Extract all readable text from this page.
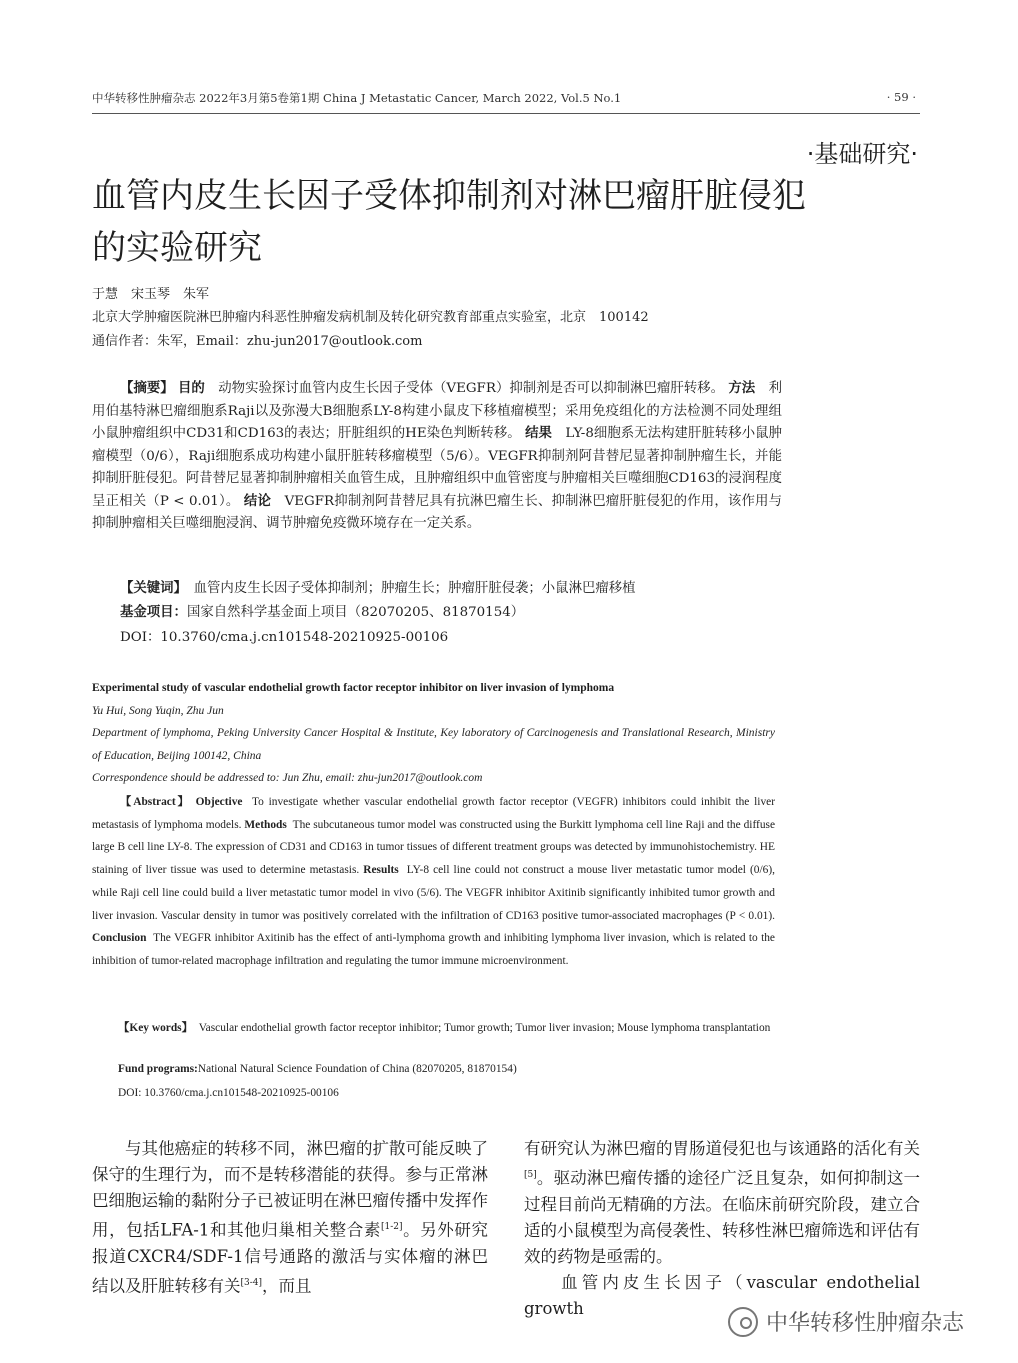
中华转移性肿瘤杂志 2022年3月第5卷第1期 China J Metastatic Cancer, March 2022, Vol.5 No.1	· 59 ·
·基础研究·
血管内皮生长因子受体抑制剂对淋巴瘤肝脏侵犯的实验研究
于慧　宋玉琴　朱军
北京大学肿瘤医院淋巴肿瘤内科恶性肿瘤发病机制及转化研究教育部重点实验室，北京　100142
通信作者：朱军，Email：zhu-jun2017@outlook.com
【摘要】 目的　 动物实验探讨血管内皮生长因子受体（VEGFR）抑制剂是否可以抑制淋巴瘤肝转移。 方法　 利用伯基特淋巴瘤细胞系Raji以及弥漫大B细胞系LY-8构建小鼠皮下移植瘤模型；采用免疫组化的方法检测不同处理组小鼠肿瘤组织中CD31和CD163的表达；肝脏组织的HE染色判断转移。 结果　 LY-8细胞系无法构建肝脏转移小鼠肿瘤模型（0/6），Raji细胞系成功构建小鼠肝脏转移瘤模型（5/6）。VEGFR抑制剂阿昔替尼显著抑制肿瘤生长，并能抑制肝脏侵犯。阿昔替尼显著抑制肿瘤相关血管生成，且肿瘤组织中血管密度与肿瘤相关巨噬细胞CD163的浸润程度呈正相关（P < 0.01）。 结论　 VEGFR抑制剂阿昔替尼具有抗淋巴瘤生长、抑制淋巴瘤肝脏侵犯的作用，该作用与抑制肿瘤相关巨噬细胞浸润、调节肿瘤免疫微环境存在一定关系。
【关键词】　 血管内皮生长因子受体抑制剂；肿瘤生长；肿瘤肝脏侵袭；小鼠淋巴瘤移植
基金项目：国家自然科学基金面上项目（82070205、81870154）
DOI：10.3760/cma.j.cn101548-20210925-00106
Experimental study of vascular endothelial growth factor receptor inhibitor on liver invasion of lymphoma
Yu Hui, Song Yuqin, Zhu Jun
Department of lymphoma, Peking University Cancer Hospital & Institute, Key laboratory of Carcinogenesis and Translational Research, Ministry of Education, Beijing 100142, China
Correspondence should be addressed to: Jun Zhu, email: zhu-jun2017@outlook.com
【Abstract】 Objective To investigate whether vascular endothelial growth factor receptor (VEGFR) inhibitors could inhibit the liver metastasis of lymphoma models. Methods The subcutaneous tumor model was constructed using the Burkitt lymphoma cell line Raji and the diffuse large B cell line LY-8. The expression of CD31 and CD163 in tumor tissues of different treatment groups was detected by immunohistochemistry. HE staining of liver tissue was used to determine metastasis. Results LY-8 cell line could not construct a mouse liver metastatic tumor model (0/6), while Raji cell line could build a liver metastatic tumor model in vivo (5/6). The VEGFR inhibitor Axitinib significantly inhibited tumor growth and liver invasion. Vascular density in tumor was positively correlated with the infiltration of CD163 positive tumor-associated macrophages (P < 0.01). Conclusion The VEGFR inhibitor Axitinib has the effect of anti-lymphoma growth and inhibiting lymphoma liver invasion, which is related to the inhibition of tumor-related macrophage infiltration and regulating the tumor immune microenvironment.
【Key words】 Vascular endothelial growth factor receptor inhibitor; Tumor growth; Tumor liver invasion; Mouse lymphoma transplantation
Fund programs:National Natural Science Foundation of China (82070205, 81870154)
DOI: 10.3760/cma.j.cn101548-20210925-00106
与其他癌症的转移不同，淋巴瘤的扩散可能反映了保守的生理行为，而不是转移潜能的获得。参与正常淋巴细胞运输的黏附分子已被证明在淋巴瘤传播中发挥作用，包括LFA-1和其他归巢相关整合素[1-2]。另外研究报道CXCR4/SDF-1信号通路的激活与实体瘤的淋巴结以及肝脏转移有关[3-4]，而且
有研究认为淋巴瘤的胃肠道侵犯也与该通路的活化有关[5]。驱动淋巴瘤传播的途径广泛且复杂，如何抑制这一过程目前尚无精确的方法。在临床前研究阶段，建立合适的小鼠模型为高侵袭性、转移性淋巴瘤筛选和评估有效的药物是亟需的。
血管内皮生长因子（vascular endothelial growth
中华转移性肿瘤杂志
